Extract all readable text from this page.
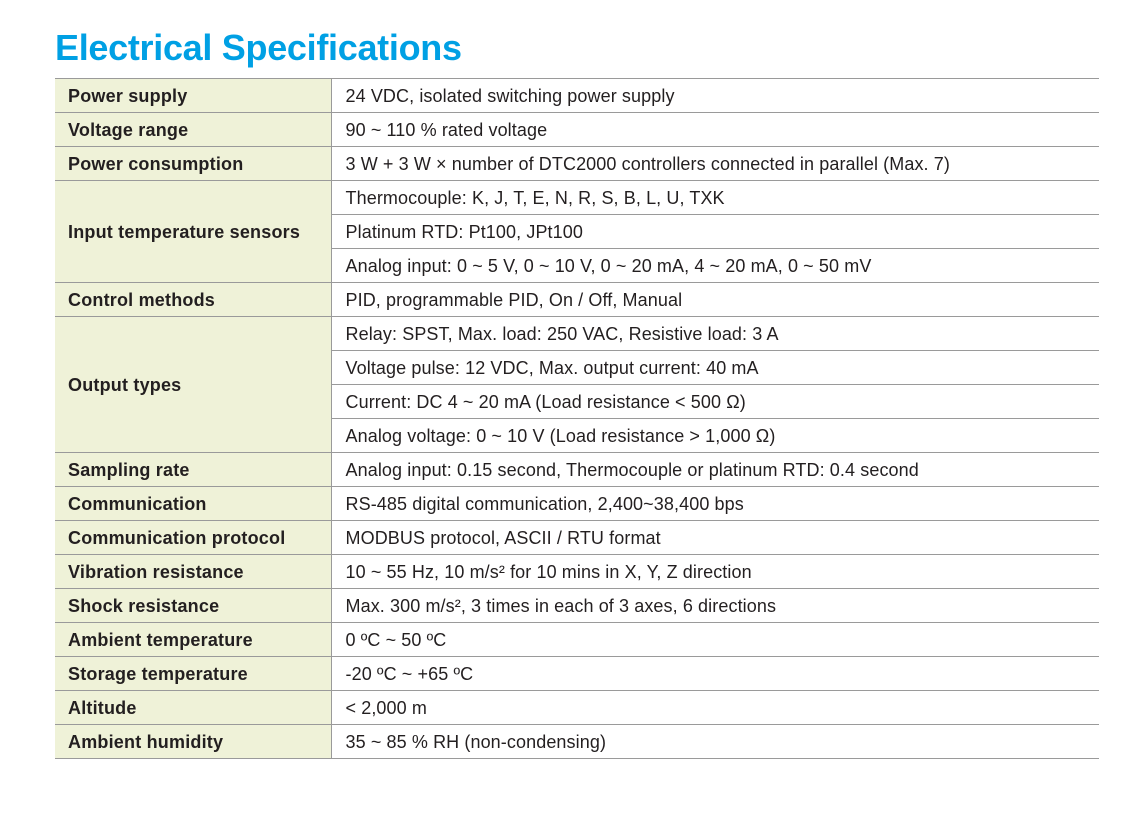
Electrical Specifications
Power supply	24 VDC, isolated switching power supply
Voltage range	90 ~ 110 % rated voltage
Power consumption	3 W + 3 W × number of DTC2000 controllers connected in parallel (Max. 7)
Input temperature sensors	Thermocouple: K, J, T, E, N, R, S, B, L, U, TXK
	Platinum RTD: Pt100, JPt100
	Analog input: 0 ~ 5 V, 0 ~ 10 V, 0 ~ 20 mA, 4 ~ 20 mA, 0 ~ 50 mV
Control methods	PID, programmable PID, On / Off, Manual
Output types	Relay: SPST, Max. load: 250 VAC, Resistive load: 3 A
	Voltage pulse: 12 VDC, Max. output current: 40 mA
	Current: DC 4 ~ 20 mA (Load resistance < 500 Ω)
	Analog voltage: 0 ~ 10 V (Load resistance > 1,000 Ω)
Sampling rate	Analog input: 0.15 second, Thermocouple or platinum RTD: 0.4 second
Communication	RS-485 digital communication, 2,400~38,400 bps
Communication protocol	MODBUS protocol, ASCII / RTU format
Vibration resistance	10 ~ 55 Hz, 10 m/s² for 10 mins in X, Y, Z direction
Shock resistance	Max. 300 m/s², 3 times in each of 3 axes, 6 directions
Ambient temperature	0 ºC ~ 50 ºC
Storage temperature	-20 ºC ~ +65 ºC
Altitude	< 2,000 m
Ambient humidity	35 ~ 85 % RH (non-condensing)
